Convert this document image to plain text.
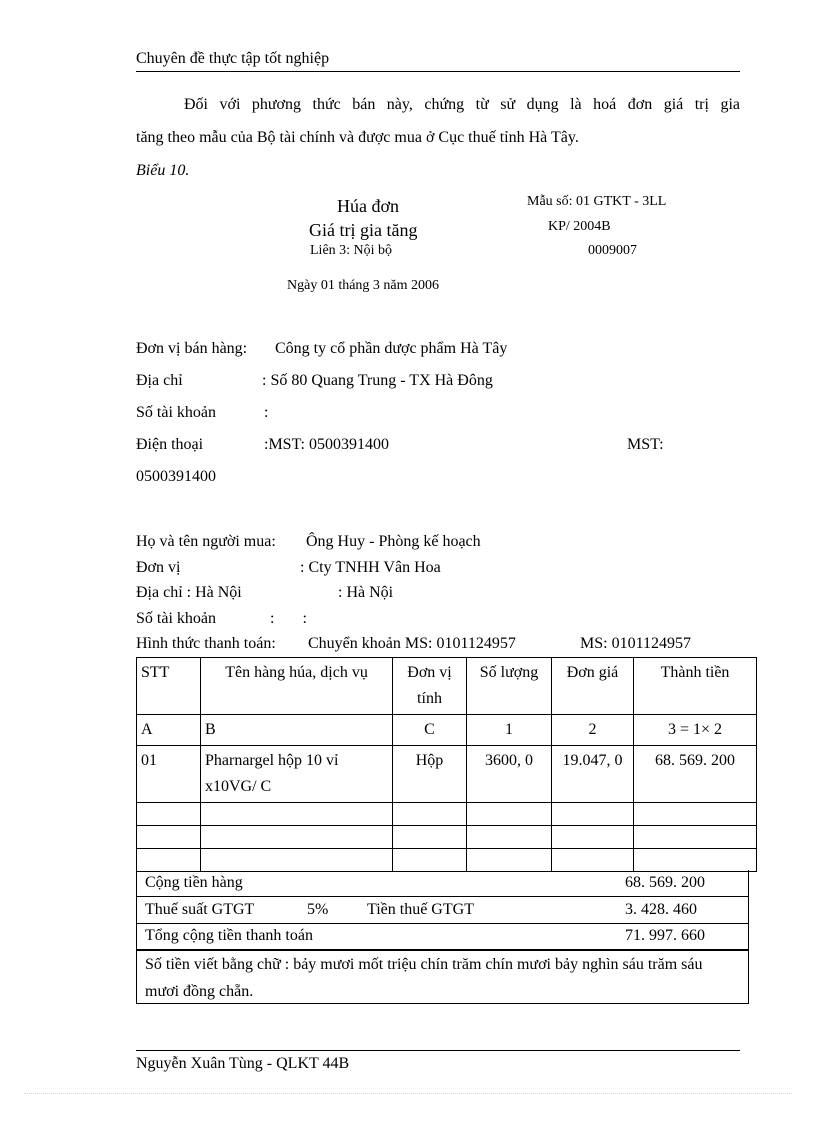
Chuyên đề thực tập tốt nghiệp
Đối với phương thức bán này, chứng từ sử dụng là hoá đơn giá trị gia
tăng theo mẫu của Bộ tài chính và được mua ở Cục thuế tỉnh Hà Tây.
Biểu 10.
Húa đơn
Giá trị gia tăng
Liên 3: Nội bộ
Mẫu số: 01 GTKT - 3LL
KP/ 2004B
0009007
Ngày 01 tháng 3 năm 2006
Đơn vị bán hàng: Công ty cổ phần dược phẩm Hà Tây
Địa chỉ	: Số 80 Quang Trung - TX Hà Đông
Số tài khoản	:
Điện thoại	:MST: 0500391400	MST:
0500391400
Họ và tên người mua: Ông Huy - Phòng kế hoạch
Đơn vị	: Cty TNHH Vân Hoa
Địa chỉ : Hà Nội	: Hà Nội
Số tài khoản	:       :
Hình thức thanh toán: Chuyển khoản MS: 0101124957	MS: 0101124957
STT	Tên hàng húa, dịch vụ	Đơn vị tính	Số lượng	Đơn giá	Thành tiền
A	B	C	1	2	3 = 1× 2
01	Pharnargel hộp 10 vỉ x10VG/ C	Hộp	3600, 0	19.047, 0	68. 569. 200

Cộng tiền hàng	68. 569. 200
Thuế suất GTGT	5% Tiền thuế GTGT	3. 428. 460
Tổng cộng tiền thanh toán	71. 997. 660
Số tiền viết bằng chữ : bảy mươi mốt triệu chín trăm chín mươi bảy nghìn sáu trăm sáu mươi đồng chẵn.
Nguyễn Xuân Tùng - QLKT 44B
